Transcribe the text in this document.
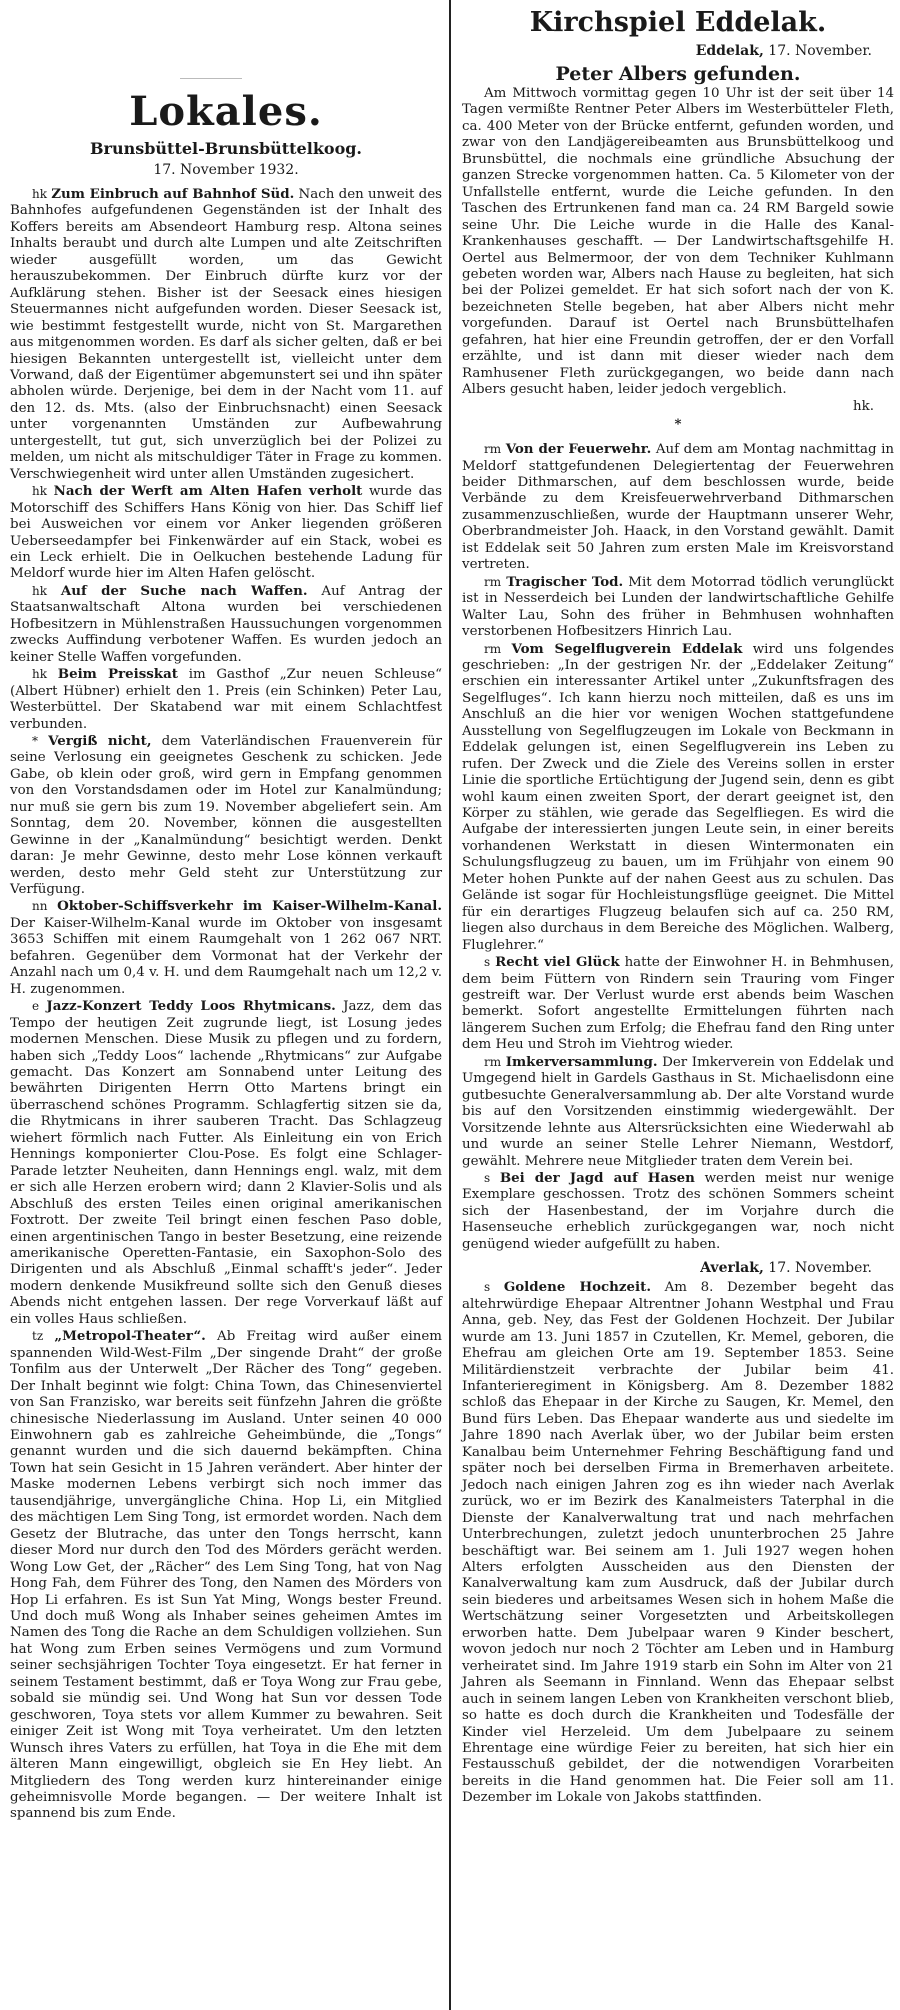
Lokales.
Brunsbüttel-Brunsbüttelkoog.
17. November 1932.

hk Zum Einbruch auf Bahnhof Süd. Nach den unweit des Bahnhofes aufgefundenen Gegenständen ist der Inhalt des Koffers bereits am Absendeort Hamburg resp. Altona seines Inhalts beraubt und durch alte Lumpen und alte Zeitschriften wieder ausgefüllt worden, um das Gewicht herauszubekommen. Der Einbruch dürfte kurz vor der Aufklärung stehen. Bisher ist der Seesack eines hiesigen Steuermannes nicht aufgefunden worden. Dieser Seesack ist, wie bestimmt festgestellt wurde, nicht von St. Margarethen aus mitgenommen worden. Es darf als sicher gelten, daß er bei hiesigen Bekannten untergestellt ist, vielleicht unter dem Vorwand, daß der Eigentümer abgemunstert sei und ihn später abholen würde. Derjenige, bei dem in der Nacht vom 11. auf den 12. ds. Mts. (also der Einbruchsnacht) einen Seesack unter vorgenannten Umständen zur Aufbewahrung untergestellt, tut gut, sich unverzüglich bei der Polizei zu melden, um nicht als mitschuldiger Täter in Frage zu kommen. Verschwiegenheit wird unter allen Umständen zugesichert.

hk Nach der Werft am Alten Hafen verholt wurde das Motorschiff des Schiffers Hans König von hier. Das Schiff lief bei Ausweichen vor einem vor Anker liegenden größeren Ueberseedampfer bei Finkenwärder auf ein Stack, wobei es ein Leck erhielt. Die in Oelkuchen bestehende Ladung für Meldorf wurde hier im Alten Hafen gelöscht.

hk Auf der Suche nach Waffen. Auf Antrag der Staatsanwaltschaft Altona wurden bei verschiedenen Hofbesitzern in Mühlenstraßen Haussuchungen vorgenommen zwecks Auffindung verbotener Waffen. Es wurden jedoch an keiner Stelle Waffen vorgefunden.

hk Beim Preisskat im Gasthof „Zur neuen Schleuse“ (Albert Hübner) erhielt den 1. Preis (ein Schinken) Peter Lau, Westerbüttel. Der Skatabend war mit einem Schlachtfest verbunden.

* Vergiß nicht, dem Vaterländischen Frauenverein für seine Verlosung ein geeignetes Geschenk zu schicken. Jede Gabe, ob klein oder groß, wird gern in Empfang genommen von den Vorstandsdamen oder im Hotel zur Kanalmündung; nur muß sie gern bis zum 19. November abgeliefert sein. Am Sonntag, dem 20. November, können die ausgestellten Gewinne in der „Kanalmündung“ besichtigt werden. Denkt daran: Je mehr Gewinne, desto mehr Lose können verkauft werden, desto mehr Geld steht zur Unterstützung zur Verfügung.

nn Oktober-Schiffsverkehr im Kaiser-Wilhelm-Kanal. Der Kaiser-Wilhelm-Kanal wurde im Oktober von insgesamt 3653 Schiffen mit einem Raumgehalt von 1 262 067 NRT. befahren. Gegenüber dem Vormonat hat der Verkehr der Anzahl nach um 0,4 v. H. und dem Raumgehalt nach um 12,2 v. H. zugenommen.

e Jazz-Konzert Teddy Loos Rhytmicans. Jazz, dem das Tempo der heutigen Zeit zugrunde liegt, ist Losung jedes modernen Menschen. Diese Musik zu pflegen und zu fordern, haben sich „Teddy Loos“ lachende „Rhytmicans“ zur Aufgabe gemacht. Das Konzert am Sonnabend unter Leitung des bewährten Dirigenten Herrn Otto Martens bringt ein überraschend schönes Programm. Schlagfertig sitzen sie da, die Rhytmicans in ihrer sauberen Tracht. Das Schlagzeug wiehert förmlich nach Futter. Als Einleitung ein von Erich Hennings komponierter Clou-Pose. Es folgt eine Schlager-Parade letzter Neuheiten, dann Hennings engl. walz, mit dem er sich alle Herzen erobern wird; dann 2 Klavier-Solis und als Abschluß des ersten Teiles einen original amerikanischen Foxtrott. Der zweite Teil bringt einen feschen Paso doble, einen argentinischen Tango in bester Besetzung, eine reizende amerikanische Operetten-Fantasie, ein Saxophon-Solo des Dirigenten und als Abschluß „Einmal schafft's jeder“. Jeder modern denkende Musikfreund sollte sich den Genuß dieses Abends nicht entgehen lassen. Der rege Vorverkauf läßt auf ein volles Haus schließen.

tz „Metropol-Theater“. Ab Freitag wird außer einem spannenden Wild-West-Film „Der singende Draht“ der große Tonfilm aus der Unterwelt „Der Rächer des Tong“ gegeben. Der Inhalt beginnt wie folgt: China Town, das Chinesenviertel von San Franzisko, war bereits seit fünfzehn Jahren die größte chinesische Niederlassung im Ausland. Unter seinen 40 000 Einwohnern gab es zahlreiche Geheimbünde, die „Tongs“ genannt wurden und die sich dauernd bekämpften. China Town hat sein Gesicht in 15 Jahren verändert. Aber hinter der Maske modernen Lebens verbirgt sich noch immer das tausendjährige, unvergängliche China. Hop Li, ein Mitglied des mächtigen Lem Sing Tong, ist ermordet worden. Nach dem Gesetz der Blutrache, das unter den Tongs herrscht, kann dieser Mord nur durch den Tod des Mörders gerächt werden. Wong Low Get, der „Rächer“ des Lem Sing Tong, hat von Nag Hong Fah, dem Führer des Tong, den Namen des Mörders von Hop Li erfahren. Es ist Sun Yat Ming, Wongs bester Freund. Und doch muß Wong als Inhaber seines geheimen Amtes im Namen des Tong die Rache an dem Schuldigen vollziehen. Sun hat Wong zum Erben seines Vermögens und zum Vormund seiner sechsjährigen Tochter Toya eingesetzt. Er hat ferner in seinem Testament bestimmt, daß er Toya Wong zur Frau gebe, sobald sie mündig sei. Und Wong hat Sun vor dessen Tode geschworen, Toya stets vor allem Kummer zu bewahren. Seit einiger Zeit ist Wong mit Toya verheiratet. Um den letzten Wunsch ihres Vaters zu erfüllen, hat Toya in die Ehe mit dem älteren Mann eingewilligt, obgleich sie En Hey liebt. An Mitgliedern des Tong werden kurz hintereinander einige geheimnisvolle Morde begangen. — Der weitere Inhalt ist spannend bis zum Ende.

Kirchspiel Eddelak.
Eddelak, 17. November.
Peter Albers gefunden.

Am Mittwoch vormittag gegen 10 Uhr ist der seit über 14 Tagen vermißte Rentner Peter Albers im Westerbütteler Fleth, ca. 400 Meter von der Brücke entfernt, gefunden worden, und zwar von den Landjägereibeamten aus Brunsbüttelkoog und Brunsbüttel, die nochmals eine gründliche Absuchung der ganzen Strecke vorgenommen hatten. Ca. 5 Kilometer von der Unfallstelle entfernt, wurde die Leiche gefunden. In den Taschen des Ertrunkenen fand man ca. 24 RM Bargeld sowie seine Uhr. Die Leiche wurde in die Halle des Kanal-Krankenhauses geschafft. — Der Landwirtschaftsgehilfe H. Oertel aus Belmermoor, der von dem Techniker Kuhlmann gebeten worden war, Albers nach Hause zu begleiten, hat sich bei der Polizei gemeldet. Er hat sich sofort nach der von K. bezeichneten Stelle begeben, hat aber Albers nicht mehr vorgefunden. Darauf ist Oertel nach Brunsbüttelhafen gefahren, hat hier eine Freundin getroffen, der er den Vorfall erzählte, und ist dann mit dieser wieder nach dem Ramhusener Fleth zurückgegangen, wo beide dann nach Albers gesucht haben, leider jedoch vergeblich.

hk.
*

rm Von der Feuerwehr. Auf dem am Montag nachmittag in Meldorf stattgefundenen Delegiertentag der Feuerwehren beider Dithmarschen, auf dem beschlossen wurde, beide Verbände zu dem Kreisfeuerwehrverband Dithmarschen zusammenzuschließen, wurde der Hauptmann unserer Wehr, Oberbrandmeister Joh. Haack, in den Vorstand gewählt. Damit ist Eddelak seit 50 Jahren zum ersten Male im Kreisvorstand vertreten.

rm Tragischer Tod. Mit dem Motorrad tödlich verunglückt ist in Nesserdeich bei Lunden der landwirtschaftliche Gehilfe Walter Lau, Sohn des früher in Behmhusen wohnhaften verstorbenen Hofbesitzers Hinrich Lau.

rm Vom Segelflugverein Eddelak wird uns folgendes geschrieben: „In der gestrigen Nr. der „Eddelaker Zeitung“ erschien ein interessanter Artikel unter „Zukunftsfragen des Segelfluges“. Ich kann hierzu noch mitteilen, daß es uns im Anschluß an die hier vor wenigen Wochen stattgefundene Ausstellung von Segelflugzeugen im Lokale von Beckmann in Eddelak gelungen ist, einen Segelflugverein ins Leben zu rufen. Der Zweck und die Ziele des Vereins sollen in erster Linie die sportliche Ertüchtigung der Jugend sein, denn es gibt wohl kaum einen zweiten Sport, der derart geeignet ist, den Körper zu stählen, wie gerade das Segelfliegen. Es wird die Aufgabe der interessierten jungen Leute sein, in einer bereits vorhandenen Werkstatt in diesen Wintermonaten ein Schulungsflugzeug zu bauen, um im Frühjahr von einem 90 Meter hohen Punkte auf der nahen Geest aus zu schulen. Das Gelände ist sogar für Hochleistungsflüge geeignet. Die Mittel für ein derartiges Flugzeug belaufen sich auf ca. 250 RM, liegen also durchaus in dem Bereiche des Möglichen. Walberg, Fluglehrer.“

s Recht viel Glück hatte der Einwohner H. in Behmhusen, dem beim Füttern von Rindern sein Trauring vom Finger gestreift war. Der Verlust wurde erst abends beim Waschen bemerkt. Sofort angestellte Ermittelungen führten nach längerem Suchen zum Erfolg; die Ehefrau fand den Ring unter dem Heu und Stroh im Viehtrog wieder.

rm Imkerversammlung. Der Imkerverein von Eddelak und Umgegend hielt in Gardels Gasthaus in St. Michaelisdonn eine gutbesuchte Generalversammlung ab. Der alte Vorstand wurde bis auf den Vorsitzenden einstimmig wiedergewählt. Der Vorsitzende lehnte aus Altersrücksichten eine Wiederwahl ab und wurde an seiner Stelle Lehrer Niemann, Westdorf, gewählt. Mehrere neue Mitglieder traten dem Verein bei.

s Bei der Jagd auf Hasen werden meist nur wenige Exemplare geschossen. Trotz des schönen Sommers scheint sich der Hasenbestand, der im Vorjahre durch die Hasenseuche erheblich zurückgegangen war, noch nicht genügend wieder aufgefüllt zu haben.

Averlak, 17. November.

s Goldene Hochzeit. Am 8. Dezember begeht das altehrwürdige Ehepaar Altrentner Johann Westphal und Frau Anna, geb. Ney, das Fest der Goldenen Hochzeit. Der Jubilar wurde am 13. Juni 1857 in Czutellen, Kr. Memel, geboren, die Ehefrau am gleichen Orte am 19. September 1853. Seine Militärdienstzeit verbrachte der Jubilar beim 41. Infanterieregiment in Königsberg. Am 8. Dezember 1882 schloß das Ehepaar in der Kirche zu Saugen, Kr. Memel, den Bund fürs Leben. Das Ehepaar wanderte aus und siedelte im Jahre 1890 nach Averlak über, wo der Jubilar beim ersten Kanalbau beim Unternehmer Fehring Beschäftigung fand und später noch bei derselben Firma in Bremerhaven arbeitete. Jedoch nach einigen Jahren zog es ihn wieder nach Averlak zurück, wo er im Bezirk des Kanalmeisters Taterphal in die Dienste der Kanalverwaltung trat und nach mehrfachen Unterbrechungen, zuletzt jedoch ununterbrochen 25 Jahre beschäftigt war. Bei seinem am 1. Juli 1927 wegen hohen Alters erfolgten Ausscheiden aus den Diensten der Kanalverwaltung kam zum Ausdruck, daß der Jubilar durch sein biederes und arbeitsames Wesen sich in hohem Maße die Wertschätzung seiner Vorgesetzten und Arbeitskollegen erworben hatte. Dem Jubelpaar waren 9 Kinder beschert, wovon jedoch nur noch 2 Töchter am Leben und in Hamburg verheiratet sind. Im Jahre 1919 starb ein Sohn im Alter von 21 Jahren als Seemann in Finnland. Wenn das Ehepaar selbst auch in seinem langen Leben von Krankheiten verschont blieb, so hatte es doch durch die Krankheiten und Todesfälle der Kinder viel Herzeleid. Um dem Jubelpaare zu seinem Ehrentage eine würdige Feier zu bereiten, hat sich hier ein Festausschuß gebildet, der die notwendigen Vorarbeiten bereits in die Hand genommen hat. Die Feier soll am 11. Dezember im Lokale von Jakobs stattfinden.
